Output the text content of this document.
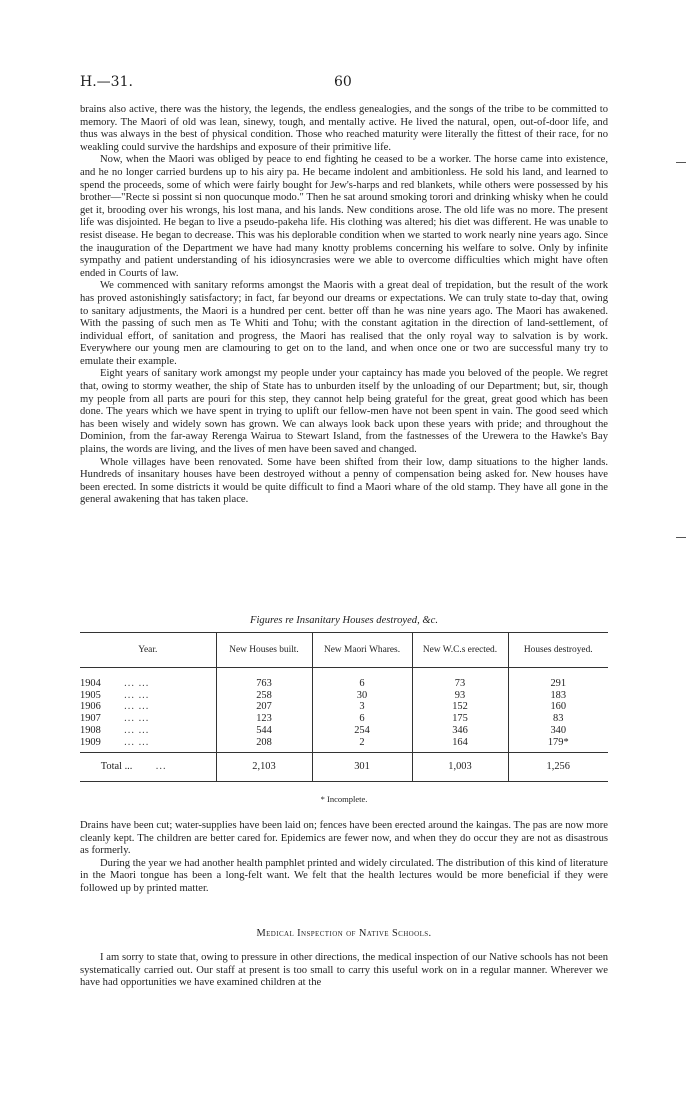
H.—31.	60

brains also active, there was the history, the legends, the endless genealogies, and the songs of the tribe to be committed to memory. The Maori of old was lean, sinewy, tough, and mentally active. He lived the natural, open, out-of-door life, and thus was always in the best of physical condition. Those who reached maturity were literally the fittest of their race, for no weakling could survive the hardships and exposure of their primitive life.

Now, when the Maori was obliged by peace to end fighting he ceased to be a worker. The horse came into existence, and he no longer carried burdens up to his airy pa. He became indolent and ambitionless. He sold his land, and learned to spend the proceeds, some of which were fairly bought for Jew's-harps and red blankets, while others were possessed by his brother—"Recte si possint si non quocunque modo." Then he sat around smoking torori and drinking whisky when he could get it, brooding over his wrongs, his lost mana, and his lands. New conditions arose. The old life was no more. The present life was disjointed. He began to live a pseudo-pakeha life. His clothing was altered; his diet was different. He was unable to resist disease. He began to decrease. This was his deplorable condition when we started to work nearly nine years ago. Since the inauguration of the Department we have had many knotty problems concerning his welfare to solve. Only by infinite sympathy and patient understanding of his idiosyncrasies were we able to overcome difficulties which might have often ended in Courts of law.

We commenced with sanitary reforms amongst the Maoris with a great deal of trepidation, but the result of the work has proved astonishingly satisfactory; in fact, far beyond our dreams or expectations. We can truly state to-day that, owing to sanitary adjustments, the Maori is a hundred per cent. better off than he was nine years ago. The Maori has awakened. With the passing of such men as Te Whiti and Tohu; with the constant agitation in the direction of land-settlement, of individual effort, of sanitation and progress, the Maori has realised that the only royal way to salvation is by work. Everywhere our young men are clamouring to get on to the land, and when once one or two are successful many try to emulate their example.

Eight years of sanitary work amongst my people under your captaincy has made you beloved of the people. We regret that, owing to stormy weather, the ship of State has to unburden itself by the unloading of our Department; but, sir, though my people from all parts are pouri for this step, they cannot help being grateful for the great, great good which has been done. The years which we have spent in trying to uplift our fellow-men have not been spent in vain. The good seed which has been wisely and widely sown has grown. We can always look back upon these years with pride; and throughout the Dominion, from the far-away Rerenga Wairua to Stewart Island, from the fastnesses of the Urewera to the Hawke's Bay plains, the words are living, and the lives of men have been saved and changed.

Whole villages have been renovated. Some have been shifted from their low, damp situations to the higher lands. Hundreds of insanitary houses have been destroyed without a penny of compensation being asked for. New houses have been erected. In some districts it would be quite difficult to find a Maori whare of the old stamp. They have all gone in the general awakening that has taken place.

Figures re Insanitary Houses destroyed, &c.
Year.	New Houses built.	New Maori Whares.	New W.C.s erected.	Houses destroyed.

1904 ... ...	763	6	73	291
1905 ... ...	258	30	93	183
1906 ... ...	207	3	152	160
1907 ... ...	123	6	175	83
1908 ... ...	544	254	346	340
1909 ... ...	208	2	164	179*

Total ... ...	2,103	301	1,003	1,256
* Incomplete.

Drains have been cut; water-supplies have been laid on; fences have been erected around the kaingas. The pas are now more cleanly kept. The children are better cared for. Epidemics are fewer now, and when they do occur they are not as disastrous as formerly.

During the year we had another health pamphlet printed and widely circulated. The distribution of this kind of literature in the Maori tongue has been a long-felt want. We felt that the health lectures would be more beneficial if they were followed up by printed matter.

Medical Inspection of Native Schools.

I am sorry to state that, owing to pressure in other directions, the medical inspection of our Native schools has not been systematically carried out. Our staff at present is too small to carry this useful work on in a regular manner. Wherever we have had opportunities we have examined children at the
